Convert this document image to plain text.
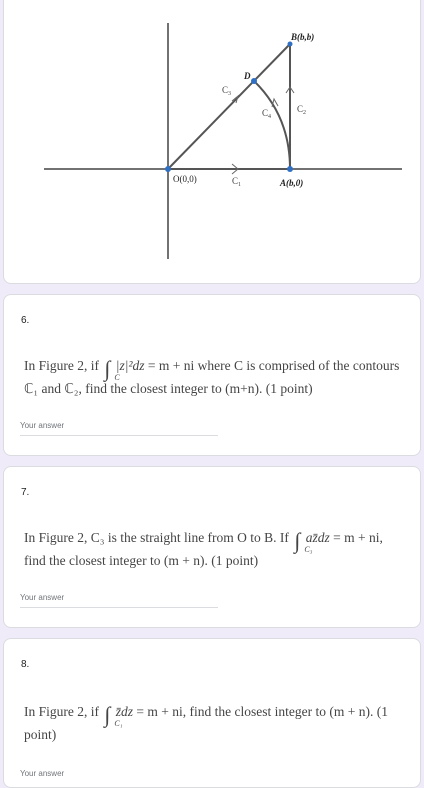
O(0,0)	A(b,0)
B(b,b)
D
$C_1$
$C_2$
$C_3$
$C_4$
6.
In Figure 2, if ∫ C
|z|²dz = m + ni where C is comprised of the contours ℂ₁ and ℂ₂, find the closest integer to (m+n). (1 point)
Your answer
7.
In Figure 2, C₃ is the straight line from O to B. If ∫ C₃
az̄dz = m + ni, find the closest integer to (m + n). (1 point)
Your answer
8.
In Figure 2, if ∫ C₁
z̄dz = m + ni, find the closest integer to (m + n). (1 point)
Your answer
